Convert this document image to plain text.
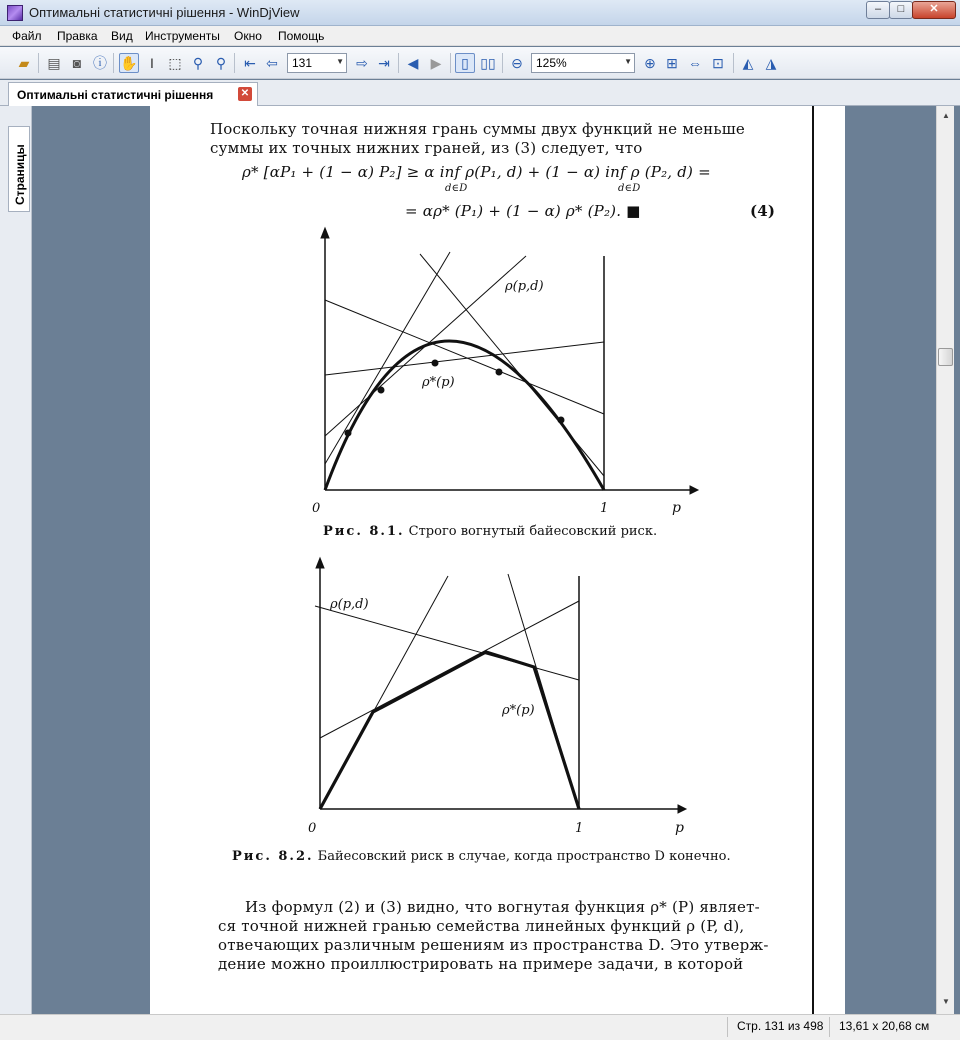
Оптимальні статистичні рішення - WinDjView	‒	□	✕
Файл Правка Вид Инструменты Окно Помощь
▰	▤ ◙ ⓘ ✋ I	⬚ ⚲ ⚲	⇤ ⇦	131	▼ ⇨ ⇥	◀ ▶	▯ ▯▯ ⊖	125%	▼ ⊕ ⊞ ⇔ ⊡	◭ ◮
Оптимальні статистичні рішення	✕
Страницы
Поскольку точная нижняя грань суммы двух функций не меньше
суммы их точных нижних граней, из (3) следует, что
ρ* [αP₁ + (1 − α) P₂] ≥ α inf ρ(P₁, d) + (1 − α) inf ρ (P₂, d) =
d∈D	d∈D
= αρ* (P₁) + (1 − α) ρ* (P₂). ■	(4)
ρ(p,d)
ρ*(p)
0	1	p
Рис. 8.1. Строго вогнутый байесовский риск.
ρ(p,d)
ρ*(p)
0	1	p
Рис. 8.2. Байесовский риск в случае, когда пространство D конечно.
Из формул (2) и (3) видно, что вогнутая функция ρ* (P) являет-
ся точной нижней гранью семейства линейных функций ρ (P, d),
отвечающих различным решениям из пространства D. Это утверж-
дение можно проиллюстрировать на примере задачи, в которой
▲
▼
Стр. 131 из 498 13,61 x 20,68 см
